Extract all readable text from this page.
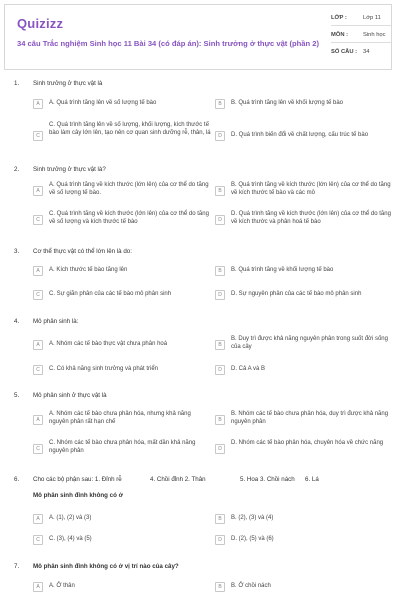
Quizizz
34 câu Trắc nghiệm Sinh học 11 Bài 34 (có đáp án): Sinh trưởng ở thực vật (phần 2)
LỚP :	Lớp 11
MÔN :	Sinh học
SỐ CÂU : 34
1. Sinh trưởng ở thực vật là
A	A. Quá trình tăng lên về số lượng tế bào	B	B. Quá trình tăng lên về khối lượng tế bào
C
C. Quá trình tăng lên về số lượng, khối lượng, kích thước tế bào làm cây lớn lên, tạo nên cơ quan sinh dưỡng rễ, thân, lá
D	D. Quá trình biến đổi về chất lượng, cấu trúc tế bào
2. Sinh trưởng ở thực vật là?
A
A. Quá trình tăng về kích thước (lớn lên) của cơ thể do tăng về số lượng tế bào.	B
B. Quá trình tăng về kích thước (lớn lên) của cơ thể do tăng về kích thước tế bào và các mô
C
C. Quá trình tăng về kích thước (lớn lên) của cơ thể do tăng về số lượng và kích thước tế bào	D
D. Quá trình tăng về kích thước (lớn lên) của cơ thể do tăng về kích thước và phân hoá tế bào
3. Cơ thể thực vật có thể lớn lên là do:
A	A. Kích thước tế bào tăng lên	B	B. Quá trình tăng về khối lượng tế bào
C	C. Sự giãn phân của các tế bào mô phân sinh	D	D. Sự nguyên phân của các tế bào mô phân sinh
4. Mô phân sinh là:
A	A. Nhóm các tế bào thực vật chưa phân hoá	B
B. Duy trì được khả năng nguyên phân trong suốt đời sống của cây
C	C. Có khả năng sinh trưởng và phát triển	D	D. Cả A và B
5. Mô phân sinh ở thực vật là
A
A. Nhóm các tế bào chưa phân hóa, nhưng khả năng nguyên phân rất hạn chế	B
B. Nhóm các tế bào chưa phân hóa, duy trì được khả năng nguyên phân
C
C. Nhóm các tế bào chưa phân hóa, mất dần khả năng nguyên phân	D
D. Nhóm các tế bào phân hóa, chuyên hóa về chức năng
6. Cho các bộ phận sau: 1. Đỉnh rễ	4. Chồi đỉnh 2. Thân	5. Hoa 3. Chồi nách 6. Lá
Mô phân sinh đỉnh không có ở
A	A. (1), (2) và (3)	B	B. (2), (3) và (4)
C	C. (3), (4) và (5)	D	D. (2), (5) và (6)
7. Mô phân sinh đỉnh không có ở vị trí nào của cây?
A	A. Ở thân	B	B. Ở chồi nách
